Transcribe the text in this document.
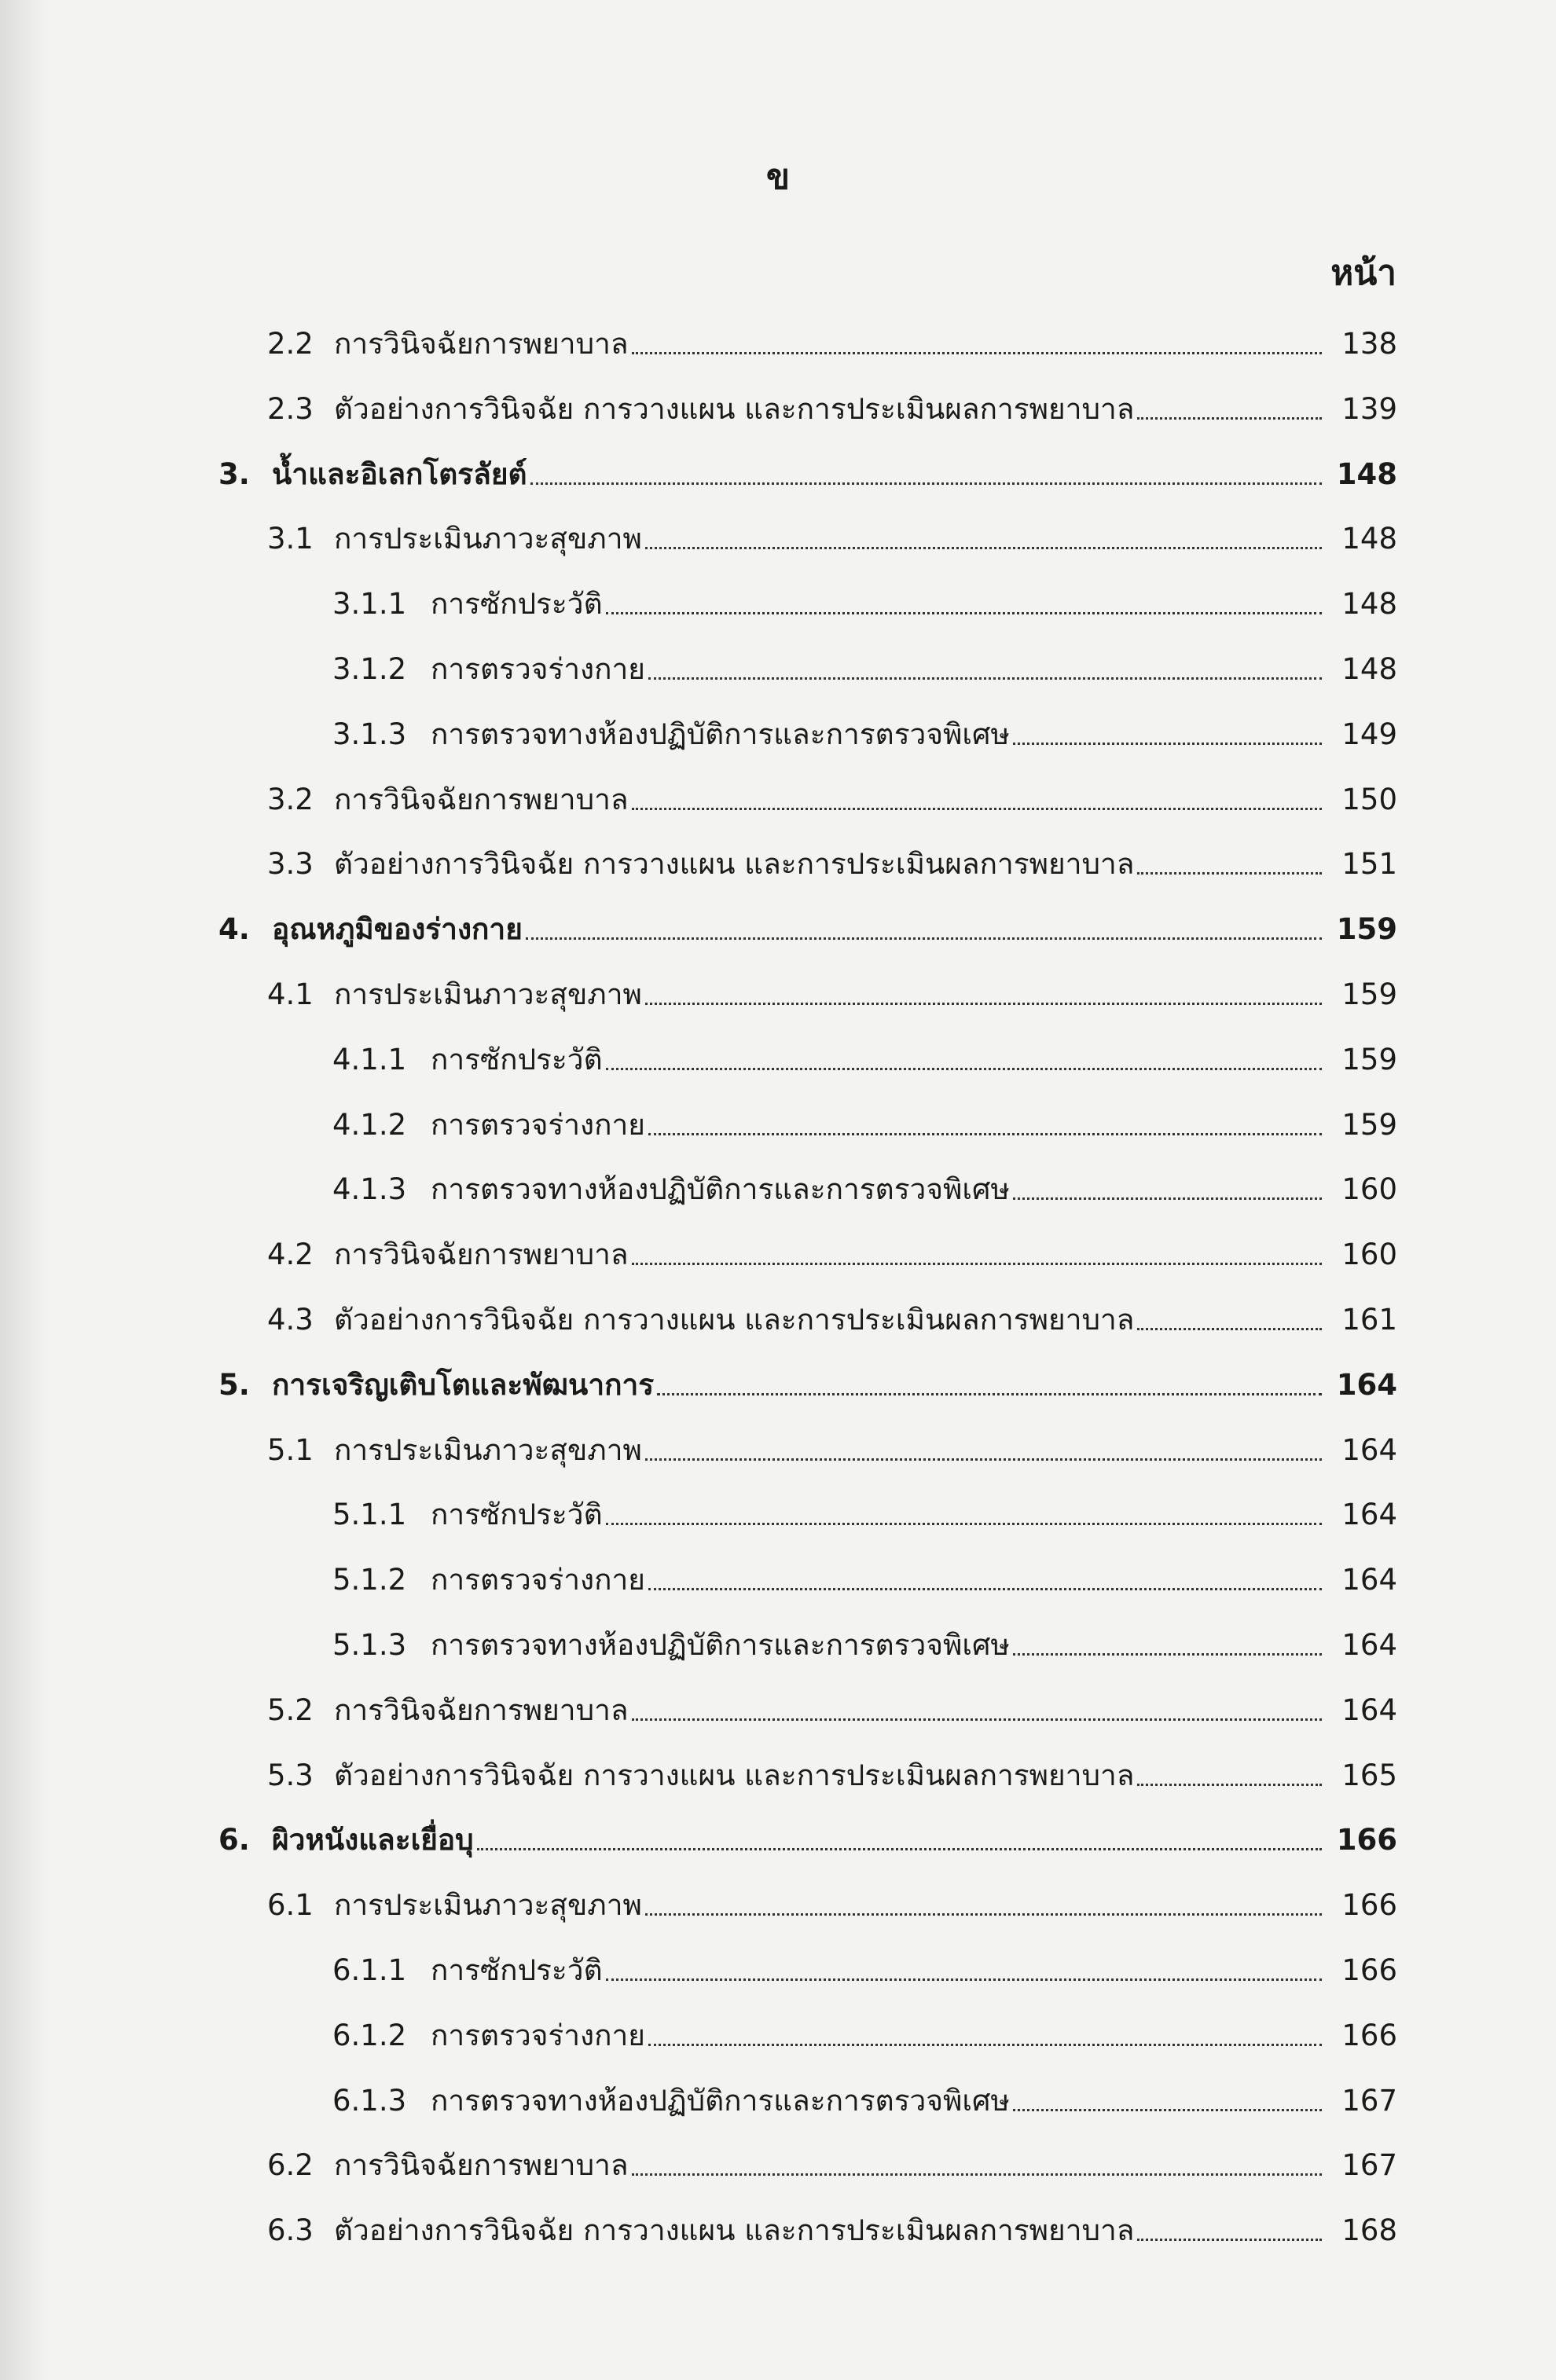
ข
หน้า
2.2 การวินิจฉัยการพยาบาล	138
2.3 ตัวอย่างการวินิจฉัย การวางแผน และการประเมินผลการพยาบาล	139
3. น้ำและอิเลกโตรลัยต์	148
3.1 การประเมินภาวะสุขภาพ	148
3.1.1 การซักประวัติ	148
3.1.2 การตรวจร่างกาย	148
3.1.3 การตรวจทางห้องปฏิบัติการและการตรวจพิเศษ	149
3.2 การวินิจฉัยการพยาบาล	150
3.3 ตัวอย่างการวินิจฉัย การวางแผน และการประเมินผลการพยาบาล	151
4. อุณหภูมิของร่างกาย	159
4.1 การประเมินภาวะสุขภาพ	159
4.1.1 การซักประวัติ	159
4.1.2 การตรวจร่างกาย	159
4.1.3 การตรวจทางห้องปฏิบัติการและการตรวจพิเศษ	160
4.2 การวินิจฉัยการพยาบาล	160
4.3 ตัวอย่างการวินิจฉัย การวางแผน และการประเมินผลการพยาบาล	161
5. การเจริญเติบโตและพัฒนาการ	164
5.1 การประเมินภาวะสุขภาพ	164
5.1.1 การซักประวัติ	164
5.1.2 การตรวจร่างกาย	164
5.1.3 การตรวจทางห้องปฏิบัติการและการตรวจพิเศษ	164
5.2 การวินิจฉัยการพยาบาล	164
5.3 ตัวอย่างการวินิจฉัย การวางแผน และการประเมินผลการพยาบาล	165
6. ผิวหนังและเยื่อบุ	166
6.1 การประเมินภาวะสุขภาพ	166
6.1.1 การซักประวัติ	166
6.1.2 การตรวจร่างกาย	166
6.1.3 การตรวจทางห้องปฏิบัติการและการตรวจพิเศษ	167
6.2 การวินิจฉัยการพยาบาล	167
6.3 ตัวอย่างการวินิจฉัย การวางแผน และการประเมินผลการพยาบาล	168
